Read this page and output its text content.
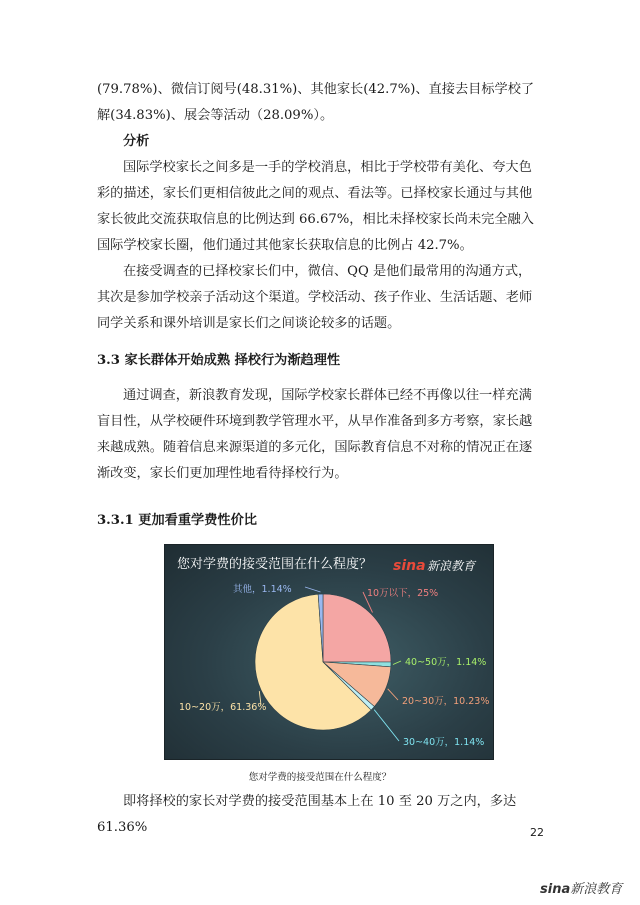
(79.78%)、微信订阅号(48.31%)、其他家长(42.7%)、直接去目标学校了解(34.83%)、展会等活动（28.09%）。

分析

国际学校家长之间多是一手的学校消息，相比于学校带有美化、夸大色彩的描述，家长们更相信彼此之间的观点、看法等。已择校家长通过与其他家长彼此交流获取信息的比例达到 66.67%，相比未择校家长尚未完全融入国际学校家长圈，他们通过其他家长获取信息的比例占 42.7%。

在接受调查的已择校家长们中，微信、QQ 是他们最常用的沟通方式，其次是参加学校亲子活动这个渠道。学校活动、孩子作业、生活话题、老师同学关系和课外培训是家长们之间谈论较多的话题。

3.3 家长群体开始成熟 择校行为渐趋理性

通过调查，新浪教育发现，国际学校家长群体已经不再像以往一样充满盲目性，从学校硬件环境到教学管理水平，从早作准备到多方考察，家长越来越成熟。随着信息来源渠道的多元化，国际教育信息不对称的情况正在逐渐改变，家长们更加理性地看待择校行为。

3.3.1 更加看重学费性价比

您对学费的接受范围在什么程度？ sina 新浪教育
10万以下，25%
40~50万，1.14%
20~30万，10.23%
30~40万，1.14%
10~20万，61.36%
其他，1.14%
您对学费的接受范围在什么程度？

即将择校的家长对学费的接受范围基本上在 10 至 20 万之内，多达 61.36%	22
sina新浪教育
